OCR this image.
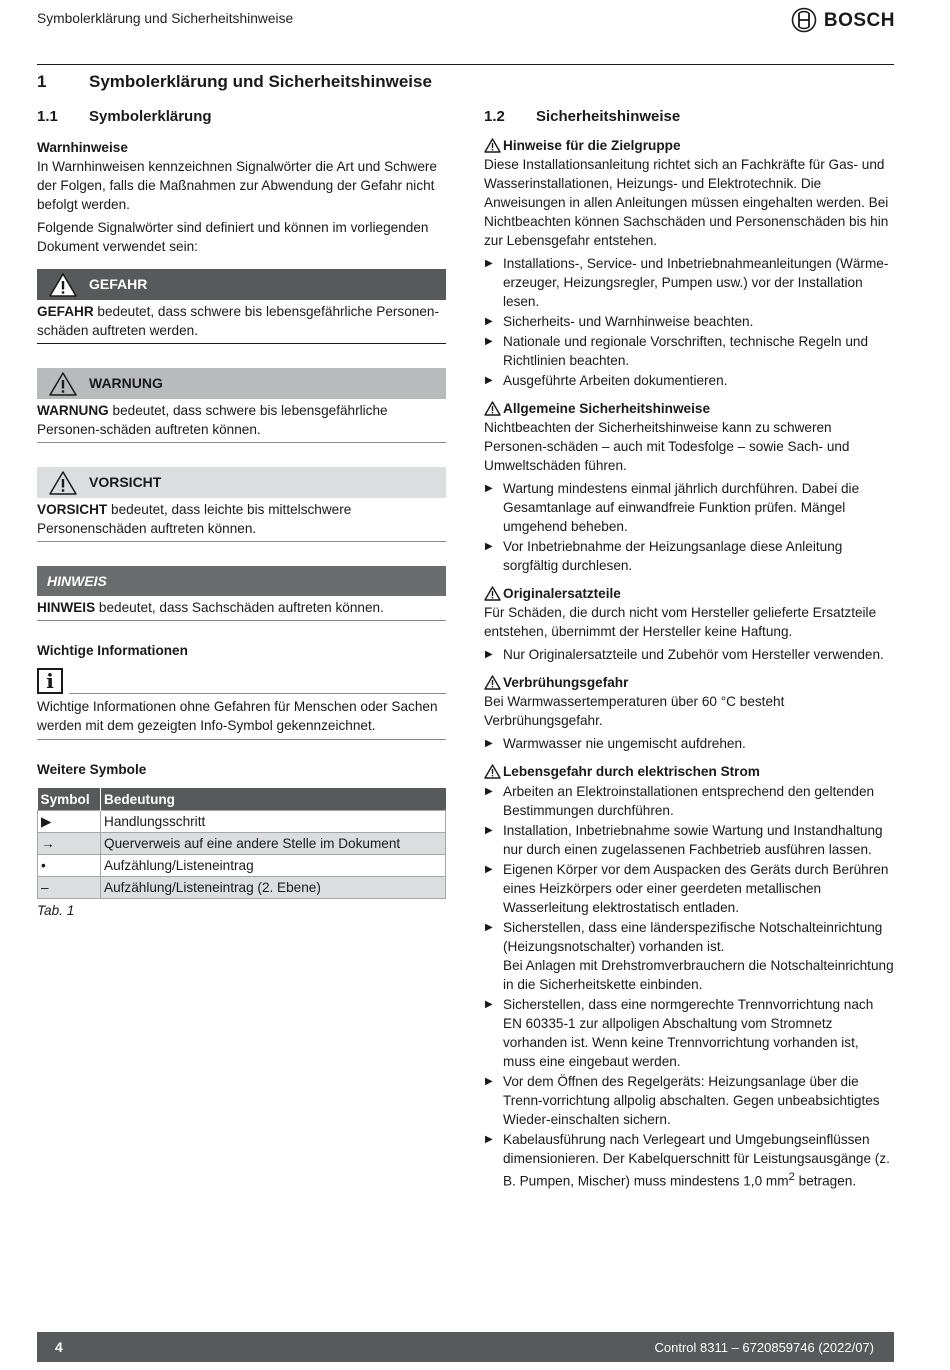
Symbolerklärung und Sicherheitshinweise	BOSCH
1	Symbolerklärung und Sicherheitshinweise
1.1	Symbolerklärung

Warnhinweise

In Warnhinweisen kennzeichnen Signalwörter die Art und Schwere der Folgen, falls die Maßnahmen zur Abwendung der Gefahr nicht befolgt werden.

Folgende Signalwörter sind definiert und können im vorliegenden Dokument verwendet sein:

GEFAHR

GEFAHR bedeutet, dass schwere bis lebensgefährliche Personen-schäden auftreten werden.

WARNUNG

WARNUNG bedeutet, dass schwere bis lebensgefährliche Personen-schäden auftreten können.

VORSICHT

VORSICHT bedeutet, dass leichte bis mittelschwere Personenschäden auftreten können.

HINWEIS

HINWEIS bedeutet, dass Sachschäden auftreten können.

Wichtige Informationen

i

Wichtige Informationen ohne Gefahren für Menschen oder Sachen werden mit dem gezeigten Info-Symbol gekennzeichnet.

Weitere Symbole

Symbol	Bedeutung
▶	Handlungsschritt
→	Querverweis auf eine andere Stelle im Dokument
•	Aufzählung/Listeneintrag
–	Aufzählung/Listeneintrag (2. Ebene)

Tab. 1

1.2	Sicherheitshinweise

Hinweise für die Zielgruppe

Diese Installationsanleitung richtet sich an Fachkräfte für Gas- und Wasserinstallationen, Heizungs- und Elektrotechnik. Die Anweisungen in allen Anleitungen müssen eingehalten werden. Bei Nichtbeachten können Sachschäden und Personenschäden bis hin zur Lebensgefahr entstehen.

▶ Installations-, Service- und Inbetriebnahmeanleitungen (Wärme-erzeuger, Heizungsregler, Pumpen usw.) vor der Installation lesen.
▶ Sicherheits- und Warnhinweise beachten.
▶ Nationale und regionale Vorschriften, technische Regeln und Richtlinien beachten.
▶ Ausgeführte Arbeiten dokumentieren.

Allgemeine Sicherheitshinweise

Nichtbeachten der Sicherheitshinweise kann zu schweren Personen-schäden – auch mit Todesfolge – sowie Sach- und Umweltschäden führen.

▶ Wartung mindestens einmal jährlich durchführen. Dabei die Gesamtanlage auf einwandfreie Funktion prüfen. Mängel umgehend beheben.
▶ Vor Inbetriebnahme der Heizungsanlage diese Anleitung sorgfältig durchlesen.

Originalersatzteile

Für Schäden, die durch nicht vom Hersteller gelieferte Ersatzteile entstehen, übernimmt der Hersteller keine Haftung.

▶ Nur Originalersatzteile und Zubehör vom Hersteller verwenden.

Verbrühungsgefahr

Bei Warmwassertemperaturen über 60 °C besteht Verbrühungsgefahr.

▶ Warmwasser nie ungemischt aufdrehen.

Lebensgefahr durch elektrischen Strom

▶ Arbeiten an Elektroinstallationen entsprechend den geltenden Bestimmungen durchführen.
▶ Installation, Inbetriebnahme sowie Wartung und Instandhaltung nur durch einen zugelassenen Fachbetrieb ausführen lassen.
▶ Eigenen Körper vor dem Auspacken des Geräts durch Berühren eines Heizkörpers oder einer geerdeten metallischen Wasserleitung elektrostatisch entladen.
▶ Sicherstellen, dass eine länderspezifische Notschalteinrichtung (Heizungsnotschalter) vorhanden ist.
Bei Anlagen mit Drehstromverbrauchern die Notschalteinrichtung in die Sicherheitskette einbinden.
▶ Sicherstellen, dass eine normgerechte Trennvorrichtung nach EN 60335-1 zur allpoligen Abschaltung vom Stromnetz vorhanden ist. Wenn keine Trennvorrichtung vorhanden ist, muss eine eingebaut werden.
▶ Vor dem Öffnen des Regelgeräts: Heizungsanlage über die Trenn-vorrichtung allpolig abschalten. Gegen unbeabsichtigtes Wieder-einschalten sichern.
▶ Kabelausführung nach Verlegeart und Umgebungseinflüssen dimensionieren. Der Kabelquerschnitt für Leistungsausgänge (z. B. Pumpen, Mischer) muss mindestens 1,0 $mm^2$ betragen.
4	Control 8311 – 6720859746 (2022/07)
